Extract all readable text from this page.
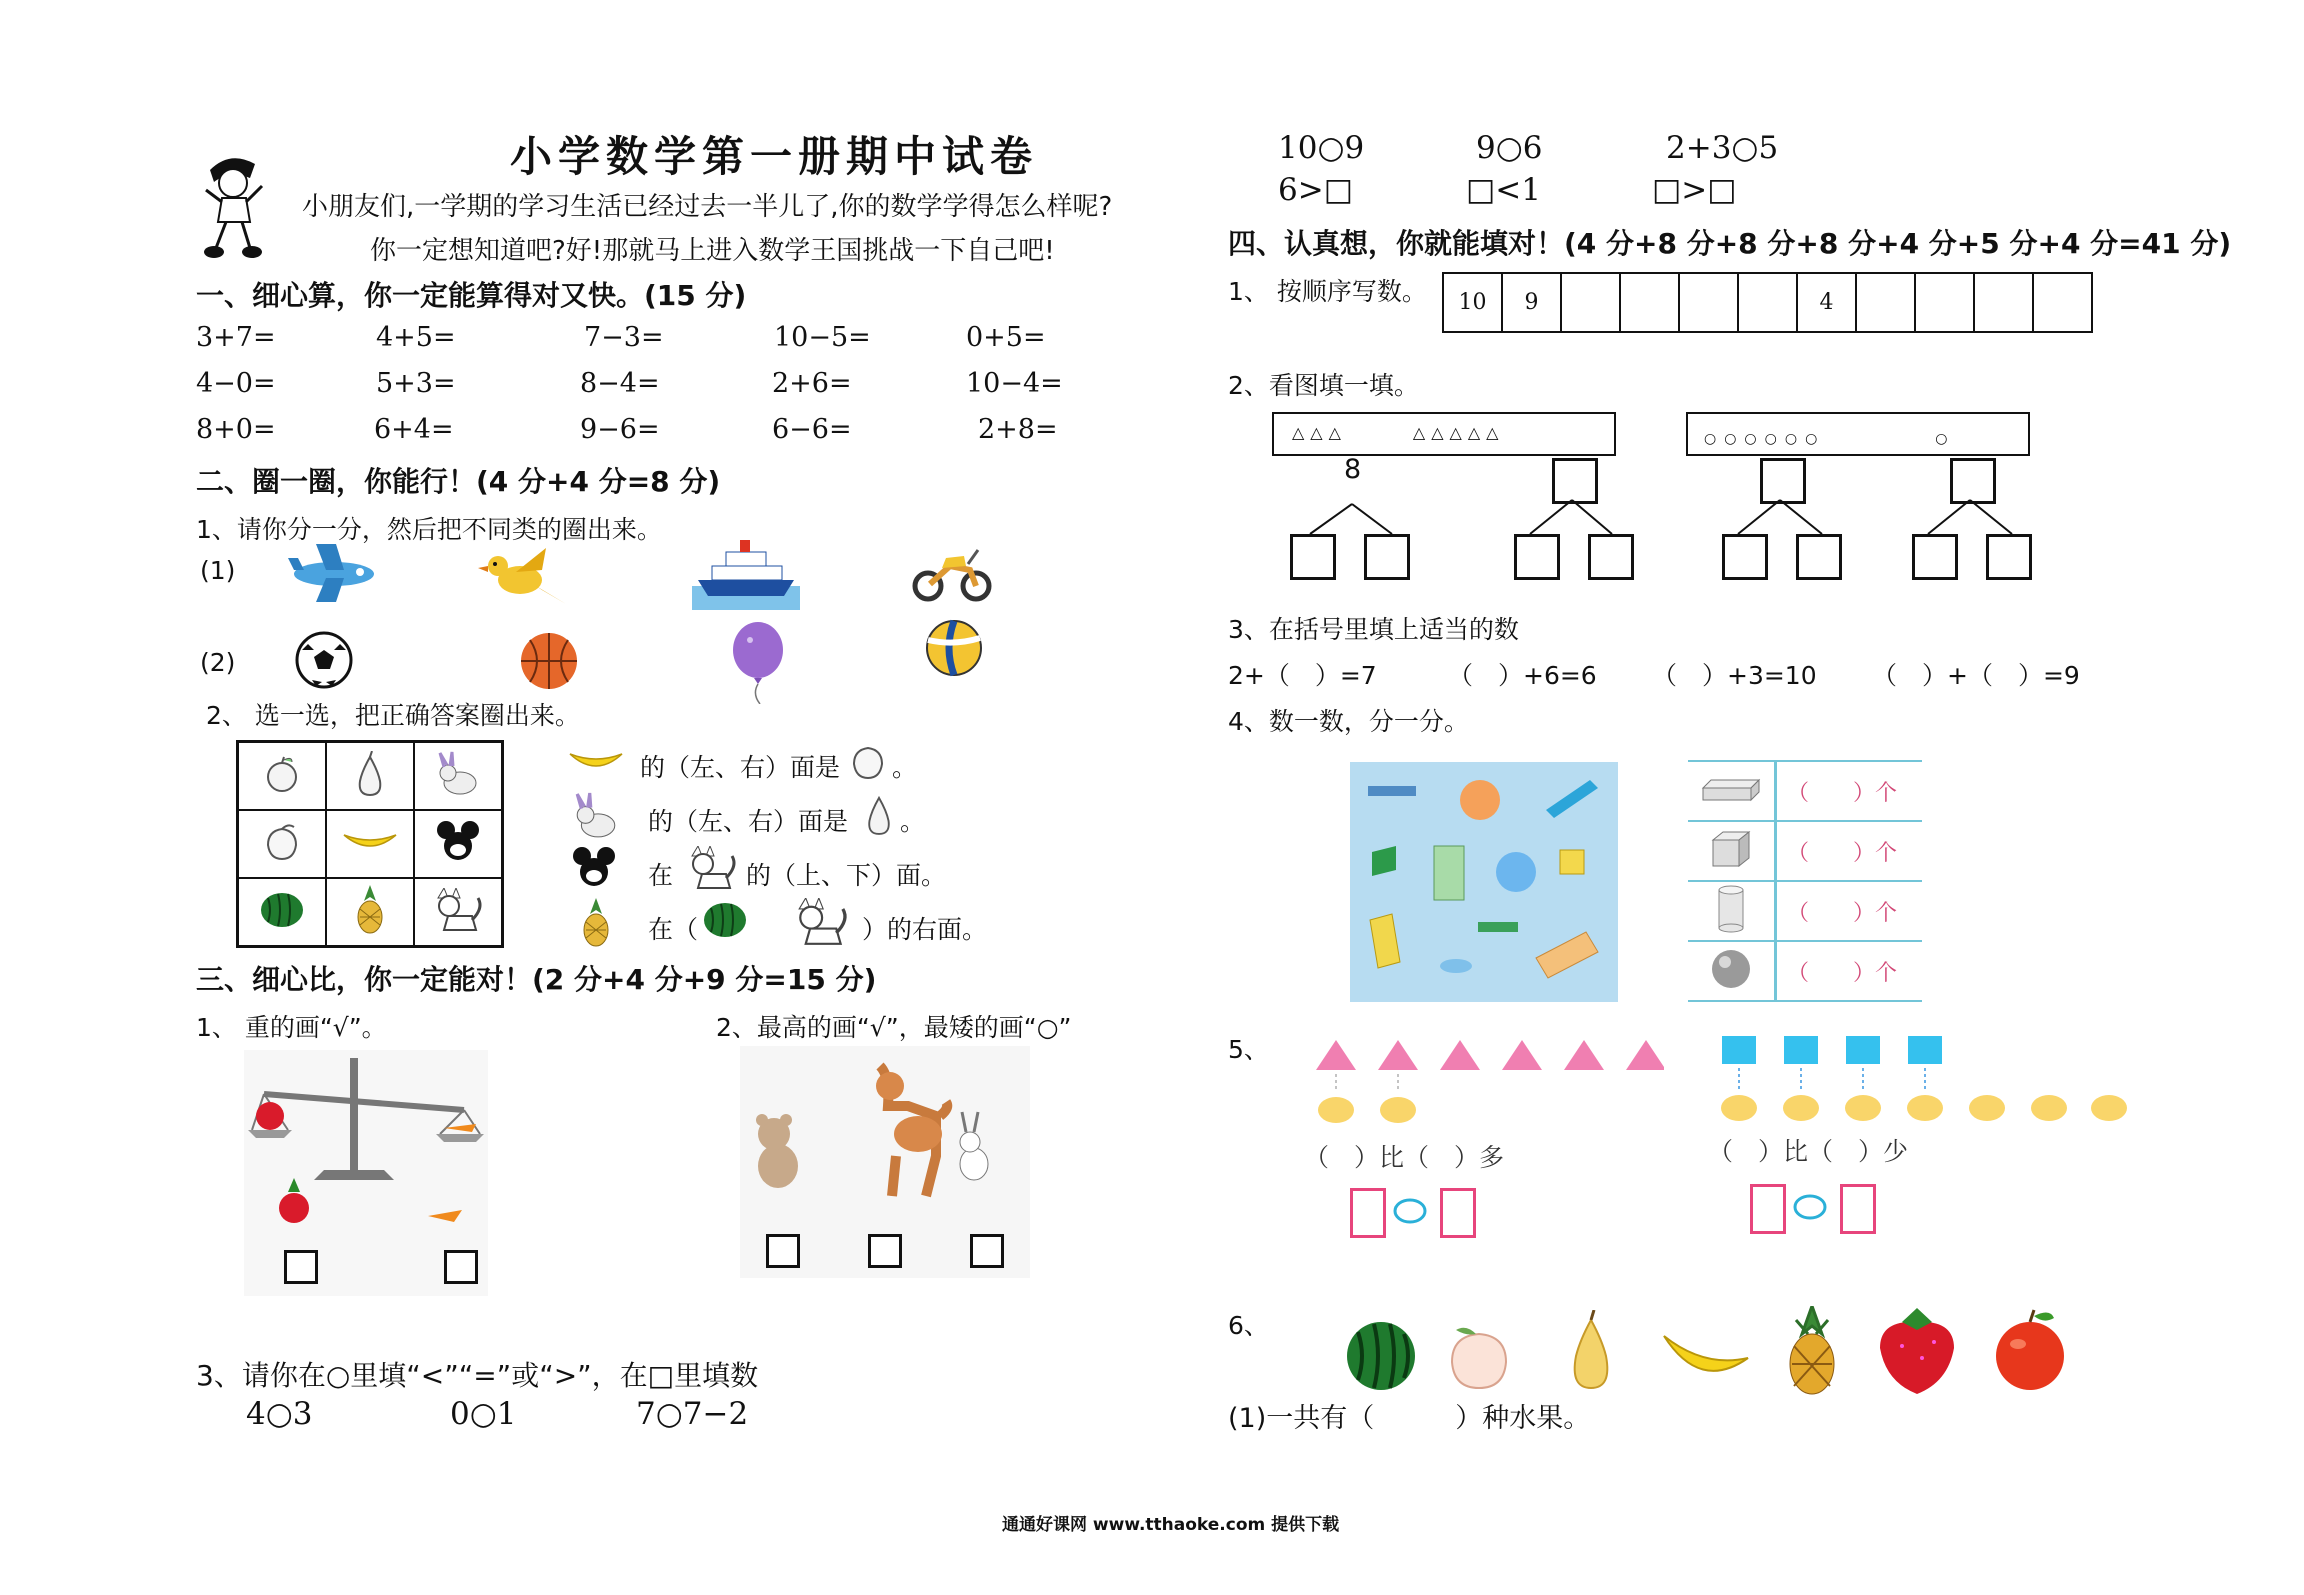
小学数学第一册期中试卷
小朋友们,一学期的学习生活已经过去一半儿了,你的数学学得怎么样呢?
你一定想知道吧?好!那就马上进入数学王国挑战一下自己吧!
一、细心算，你一定能算得对又快。(15 分)
3+7=	4+5=	7−3=	10−5=	0+5=
4−0=	5+3=	8−4=	2+6=	10−4=
8+0=	6+4=	9−6=	6−6=	2+8=
二、圈一圈，你能行！(4 分+4 分=8 分)
1、请你分一分，然后把不同类的圈出来。
(1)
(2)
2、 选一选，把正确答案圈出来。

的（左、右）面是 。
的（左、右）面是 。
在	的（上、下）面。
在（	）的右面。
三、细心比，你一定能对！(2 分+4 分+9 分=15 分)
1、 重的画“√”。	2、最高的画“√”，最矮的画“○”
3、请你在○里填“<”“=”或“>”，在□里填数
4○3	0○1	7○7−2
10○9	9○6	2+3○5
6>□	□<1	□>□
四、认真想，你就能填对！(4 分+8 分+8 分+8 分+4 分+5 分+4 分=41 分)
1、 按顺序写数。	10	9	4
2、看图填一填。
△△△　　　△△△△△	○○○○○○　　　　　○
8
3、在括号里填上适当的数
2+（　）=7	（　）+6=6 （　）+3=10 （　）+（　）=9
4、数一数，分一分。
	（　　）个
	（　　）个
	（　　）个
	（　　）个
5、
（　）比（　）多	（　）比（　）少
6、
(1)一共有（　　　）种水果。
通通好课网 www.tthaoke.com 提供下载
